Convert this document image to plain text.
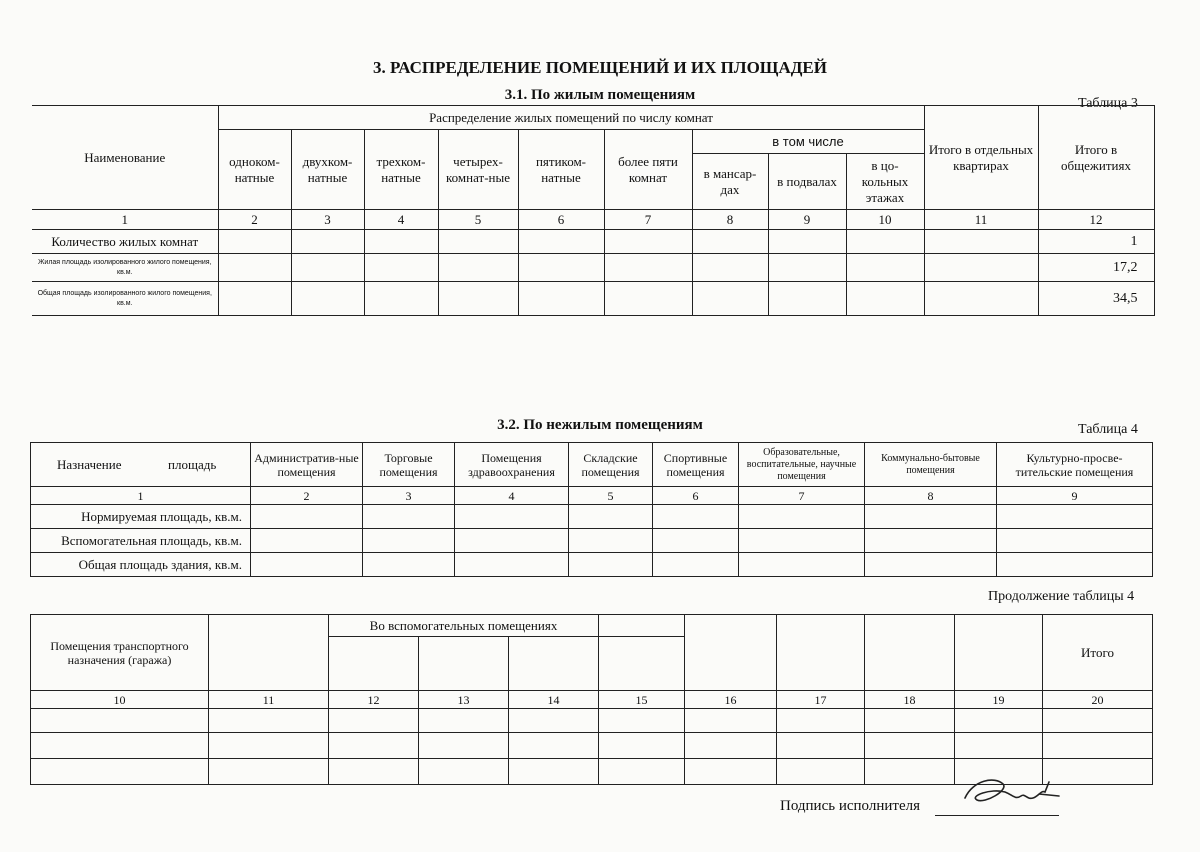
3. РАСПРЕДЕЛЕНИЕ ПОМЕЩЕНИЙ И ИХ ПЛОЩАДЕЙ
3.1. По жилым помещениям
Таблица 3
Наименование	Распределение жилых помещений по числу комнат									Итого в отдельных квартирах	Итого в общежитиях
	однoком-натные	двухком-натные	трехком-натные	четырех-комнат-ные	пятиком-натные	более пяти комнат	в том числе				
							в мансар-дах	в подвалах	в цо-кольных этажах		
1	2	3	4	5	6	7	8	9	10	11	12
Количество жилых комнат											1
Жилая площадь изолированного жилого помещения, кв.м.											17,2
Общая площадь изолированного жилого помещения, кв.м.											34,5
3.2. По нежилым помещениям	Таблица 4
Назначение площадь	Административ-ные помещения	Торговые помещения	Помещения здравоохранения	Складские помещения	Спортивные помещения	Образовательные, воспитательные, научные помещения	Коммунально-бытовые помещения	Культурно-просве-тительские помещения
1	2	3	4	5	6	7	8	9
Нормируемая площадь, кв.м.								
Вспомогательная площадь, кв.м.								
Общая площадь здания, кв.м.								
Продолжение таблицы 4
Помещения транспортного назначения (гаража)		Во вспомогательных помещениях								Итого

10	11	12	13	14	15	16	17	18	19	20

Подпись исполнителя
